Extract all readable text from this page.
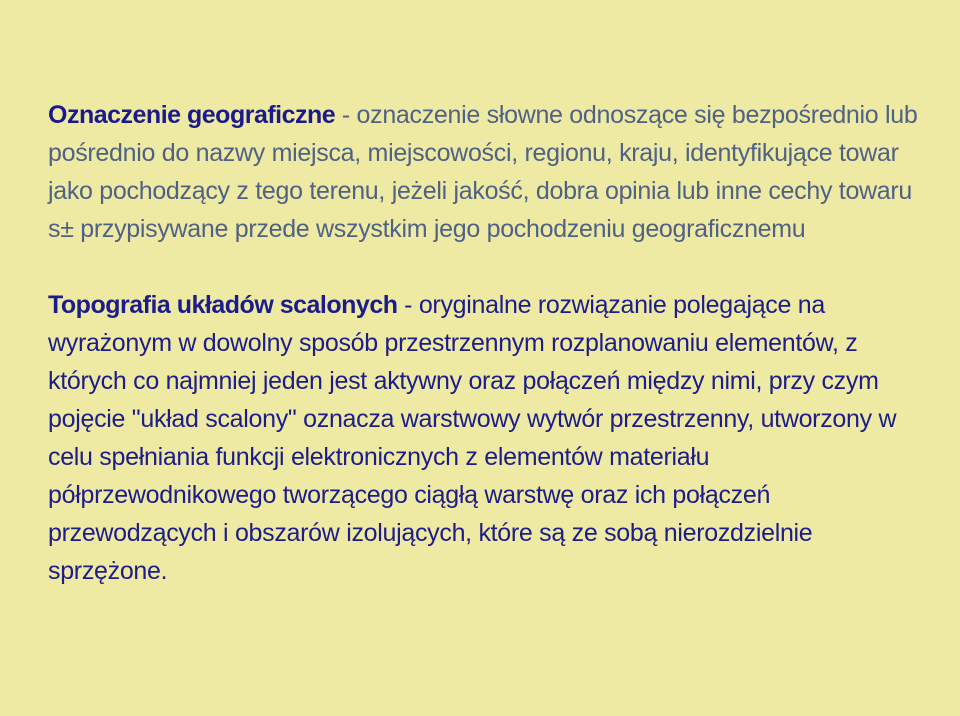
Oznaczenie geograficzne - oznaczenie słowne odnoszące się bezpośrednio lub pośrednio do nazwy miejsca, miejscowości, regionu, kraju, identyfikujące towar jako pochodzący z tego terenu, jeżeli jakość, dobra opinia lub inne cechy towaru s± przypisywane przede wszystkim jego pochodzeniu geograficznemu

Topografia układów scalonych - oryginalne rozwiązanie polegające na wyrażonym w dowolny sposób przestrzennym rozplanowaniu elementów, z których co najmniej jeden jest aktywny oraz połączeń między nimi, przy czym pojęcie "układ scalony" oznacza warstwowy wytwór przestrzenny, utworzony w celu spełniania funkcji elektronicznych z elementów materiału półprzewodnikowego tworzącego ciągłą warstwę oraz ich połączeń przewodzących i obszarów izolujących, które są ze sobą nierozdzielnie sprzężone.
